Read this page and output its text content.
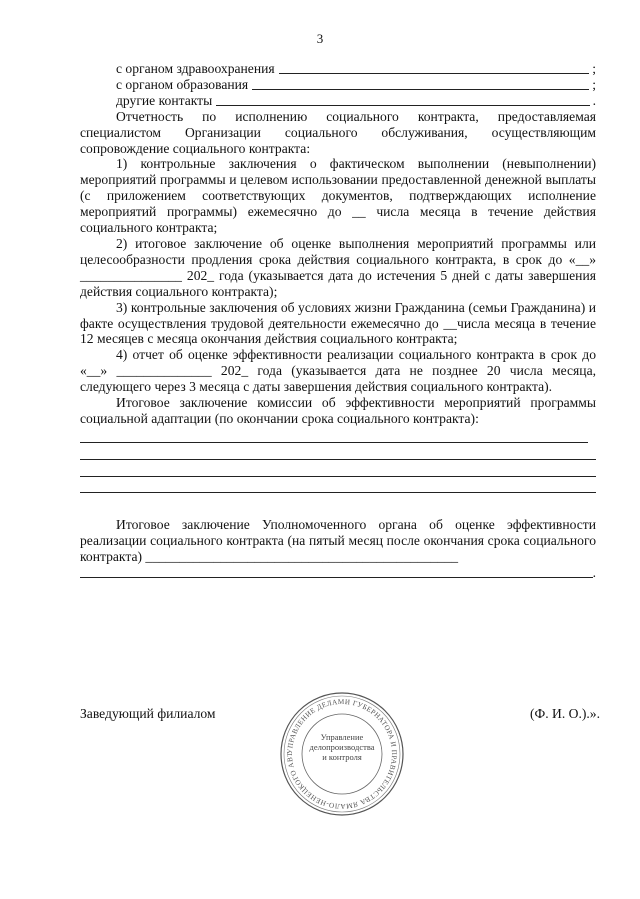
3
с органом здравоохранения	;
с органом образования	;
другие контакты	.

Отчетность по исполнению социального контракта, предоставляемая специалистом Организации социального обслуживания, осуществляющим сопровождение социального контракта:

1) контрольные заключения о фактическом выполнении (невыполнении) мероприятий программы и целевом использовании предоставленной денежной выплаты (с приложением соответствующих документов, подтверждающих исполнение мероприятий программы) ежемесячно до __ числа месяца в течение действия социального контракта;

2) итоговое заключение об оценке выполнения мероприятий программы или целесообразности продления срока действия социального контракта, в срок до «__» _______________ 202_ года (указывается дата до истечения 5 дней с даты завершения действия социального контракта);

3) контрольные заключения об условиях жизни Гражданина (семьи Гражданина) и факте осуществления трудовой деятельности ежемесячно до __числа месяца в течение 12 месяцев с месяца окончания действия социального контракта;

4) отчет об оценке эффективности реализации социального контракта в срок до «__» ______________ 202_ года (указывается дата не позднее 20 числа месяца, следующего через 3 месяца с даты завершения действия социального контракта).

Итоговое заключение комиссии об эффективности мероприятий программы социальной адаптации (по окончании срока социального контракта):

Итоговое заключение Уполномоченного органа об оценке эффективности реализации социального контракта (на пятый месяц после окончания срока социального контракта) ______________________________________________

.
Заведующий филиалом	(Ф. И. О.).».
УПРАВЛЕНИЕ ДЕЛАМИ ГУБЕРНАТОРА И ПРАВИТЕЛЬСТВА ЯМАЛО-НЕНЕЦКОГО АВТ
Управление
делопроизводства
и контроля
